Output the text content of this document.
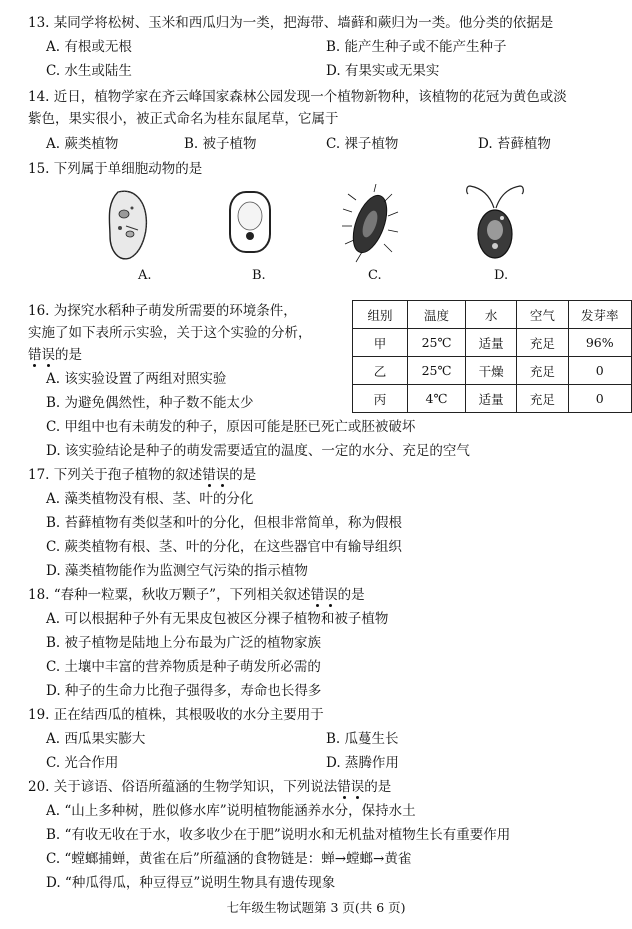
13. 某同学将松树、玉米和西瓜归为一类，把海带、墙藓和蕨归为一类。他分类的依据是
A. 有根或无根	B. 能产生种子或不能产生种子
C. 水生或陆生	D. 有果实或无果实
14. 近日，植物学家在齐云峰国家森林公园发现一个植物新物种，该植物的花冠为黄色或淡
紫色，果实很小，被正式命名为桂东鼠尾草，它属于
A. 蕨类植物	B. 被子植物	C. 裸子植物	D. 苔藓植物
15. 下列属于单细胞动物的是
A.	B.	C.	D.
16. 为探究水稻种子萌发所需要的环境条件，
实施了如下表所示实验，关于这个实验的分析，
错误的是
组别	温度	水	空气	发芽率
甲	25℃	适量	充足	96%
乙	25℃	干燥	充足	0
丙	4℃	适量	充足	0
A. 该实验设置了两组对照实验
B. 为避免偶然性，种子数不能太少
C. 甲组中也有未萌发的种子，原因可能是胚已死亡或胚被破坏
D. 该实验结论是种子的萌发需要适宜的温度、一定的水分、充足的空气
17. 下列关于孢子植物的叙述错误的是
A. 藻类植物没有根、茎、叶的分化
B. 苔藓植物有类似茎和叶的分化，但根非常简单，称为假根
C. 蕨类植物有根、茎、叶的分化，在这些器官中有输导组织
D. 藻类植物能作为监测空气污染的指示植物
18. “春种一粒粟，秋收万颗子”，下列相关叙述错误的是
A. 可以根据种子外有无果皮包被区分裸子植物和被子植物
B. 被子植物是陆地上分布最为广泛的植物家族
C. 土壤中丰富的营养物质是种子萌发所必需的
D. 种子的生命力比孢子强得多，寿命也长得多
19. 正在结西瓜的植株，其根吸收的水分主要用于
A. 西瓜果实膨大	B. 瓜蔓生长
C. 光合作用	D. 蒸腾作用
20. 关于谚语、俗语所蕴涵的生物学知识，下列说法错误的是
A. “山上多种树，胜似修水库”说明植物能涵养水分，保持水土
B. “有收无收在于水，收多收少在于肥”说明水和无机盐对植物生长有重要作用
C. “螳螂捕蝉，黄雀在后”所蕴涵的食物链是：蝉→螳螂→黄雀
D. “种瓜得瓜，种豆得豆”说明生物具有遗传现象
七年级生物试题第 3 页(共 6 页)
